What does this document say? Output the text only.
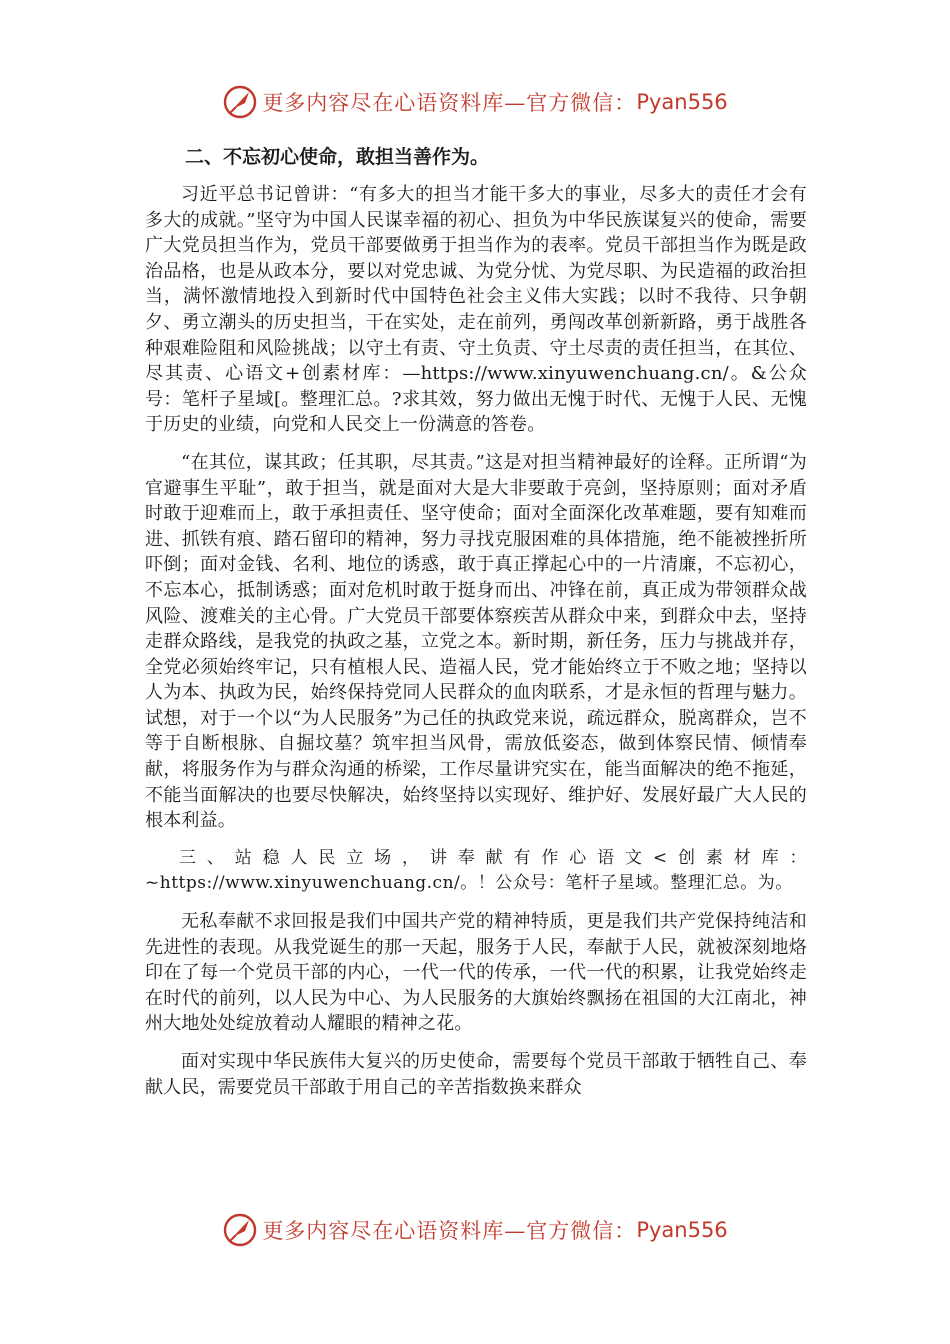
更多内容尽在心语资料库—官方微信： Pyan556
二、不忘初心使命，敢担当善作为。

习近平总书记曾讲：“有多大的担当才能干多大的事业，尽多大的责任才会有多大的成就。”坚守为中国人民谋幸福的初心、担负为中华民族谋复兴的使命，需要广大党员担当作为，党员干部要做勇于担当作为的表率。党员干部担当作为既是政治品格，也是从政本分，要以对党忠诚、为党分忧、为党尽职、为民造福的政治担当，满怀激情地投入到新时代中国特色社会主义伟大实践；以时不我待、只争朝夕、勇立潮头的历史担当，干在实处，走在前列，勇闯改革创新新路，勇于战胜各种艰难险阻和风险挑战；以守土有责、守土负责、守土尽责的责任担当，在其位、尽其责、心语文+创素材库：—https://www.xinyuwenchuang.cn/。&公众号：笔杆子星域[。整理汇总。?求其效，努力做出无愧于时代、无愧于人民、无愧于历史的业绩，向党和人民交上一份满意的答卷。

“在其位，谋其政；任其职，尽其责。”这是对担当精神最好的诠释。正所谓“为官避事生平耻”，敢于担当，就是面对大是大非要敢于亮剑，坚持原则；面对矛盾时敢于迎难而上，敢于承担责任、坚守使命；面对全面深化改革难题，要有知难而进、抓铁有痕、踏石留印的精神，努力寻找克服困难的具体措施，绝不能被挫折所吓倒；面对金钱、名利、地位的诱惑，敢于真正撑起心中的一片清廉，不忘初心，不忘本心，抵制诱惑；面对危机时敢于挺身而出、冲锋在前，真正成为带领群众战风险、渡难关的主心骨。广大党员干部要体察疾苦从群众中来，到群众中去，坚持走群众路线，是我党的执政之基，立党之本。新时期，新任务，压力与挑战并存，全党必须始终牢记，只有植根人民、造福人民，党才能始终立于不败之地；坚持以人为本、执政为民，始终保持党同人民群众的血肉联系，才是永恒的哲理与魅力。试想，对于一个以“为人民服务”为己任的执政党来说，疏远群众，脱离群众，岂不等于自断根脉、自掘坟墓？筑牢担当风骨，需放低姿态，做到体察民情、倾情奉献，将服务作为与群众沟通的桥梁，工作尽量讲究实在，能当面解决的绝不拖延，不能当面解决的也要尽快解决，始终坚持以实现好、维护好、发展好最广大人民的根本利益。

三、站稳人民立场，讲奉献有作心语文<创素材库：~https://www.xinyuwenchuang.cn/。！公众号：笔杆子星域。整理汇总。为。

无私奉献不求回报是我们中国共产党的精神特质，更是我们共产党保持纯洁和先进性的表现。从我党诞生的那一天起，服务于人民，奉献于人民，就被深刻地烙印在了每一个党员干部的内心，一代一代的传承，一代一代的积累，让我党始终走在时代的前列，以人民为中心、为人民服务的大旗始终飘扬在祖国的大江南北，神州大地处处绽放着动人耀眼的精神之花。

面对实现中华民族伟大复兴的历史使命，需要每个党员干部敢于牺牲自己、奉献人民，需要党员干部敢于用自己的辛苦指数换来群众

更多内容尽在心语资料库—官方微信： Pyan556
